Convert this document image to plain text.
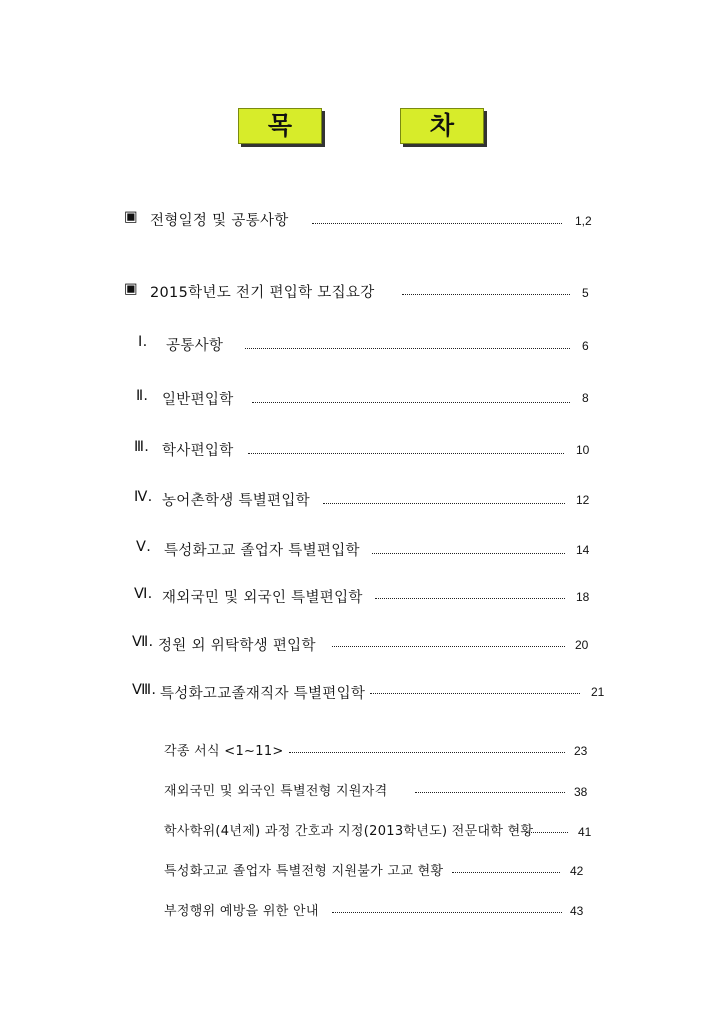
목	차
▣ 전형일정 및 공통사항	1,2
▣ 2015학년도 전기 편입학 모집요강	5
Ⅰ. 공통사항	6
Ⅱ. 일반편입학	8
Ⅲ. 학사편입학	10
Ⅳ. 농어촌학생 특별편입학	12
Ⅴ. 특성화고교 졸업자 특별편입학	14
Ⅵ. 재외국민 및 외국인 특별편입학	18
Ⅶ. 정원 외 위탁학생 편입학	20
Ⅷ. 특성화고교졸재직자 특별편입학	21
각종 서식 <1~11>	23
재외국민 및 외국인 특별전형 지원자격	38
학사학위(4년제) 과정 간호과 지정(2013학년도) 전문대학 현황	41
특성화고교 졸업자 특별전형 지원불가 고교 현황	42
부정행위 예방을 위한 안내	43
